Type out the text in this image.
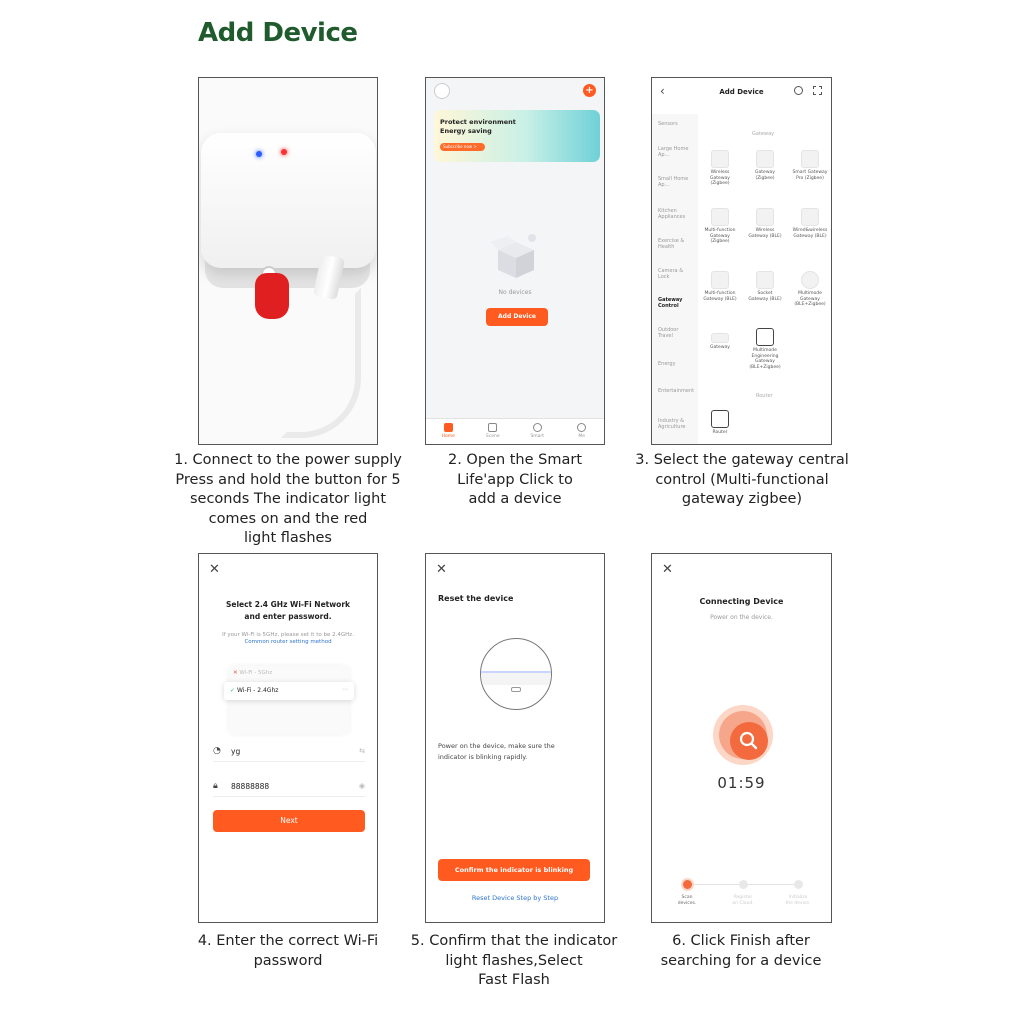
Add Device
1. Connect to the power supply
Press and hold the button for 5
seconds The indicator light
comes on and the red
light flashes
+
Protect environment
Energy saving
Subscribe now >
No devices
Add Device
Home	Scene	Smart	Me
2. Open the Smart
Life'app Click to
add a device
‹	Add Device
Sensors
Large Home Ap...
Small Home Ap...
Kitchen Appliances
Exercise & Health
Camera & Lock
Gateway Control
Outdoor Travel
Energy
Entertainment
Industry & Agriculture
Gateway
Wireless Gateway (Zigbee)
Gateway (Zigbee)
Smart Gateway Pro (Zigbee)
Multi-function Gateway (Zigbee)
Wireless Gateway (BLE)
Wired&wireless Gateway (BLE)
Multi-function Gateway (BLE)
Socket Gateway (BLE)
Multimode Gateway (BLE+Zigbee)
Gateway
Multimode Engineering Gateway (BLE+Zigbee)
Router
Router
3. Select the gateway central
control (Multi-functional
gateway zigbee)
✕
Select 2.4 GHz Wi-Fi Network
and enter password.
If your Wi-Fi is 5GHz, please set it to be 2.4GHz.
Common router setting method
✕ Wi-Fi - 5Ghz
✓ Wi-Fi - 2.4Ghz	⋯
◔ yg	⇆
🔒︎ 88888888	◉
Next
4. Enter the correct Wi-Fi
password
✕
Reset the device
Power on the device, make sure the
indicator is blinking rapidly.
Confirm the indicator is blinking
Reset Device Step by Step
5. Confirm that the indicator
light flashes,Select
Fast Flash
✕
Connecting Device
Power on the device.
01:59
Scan
devices.
Register
on Cloud.
Initialize
the device.
6. Click Finish after
searching for a device
